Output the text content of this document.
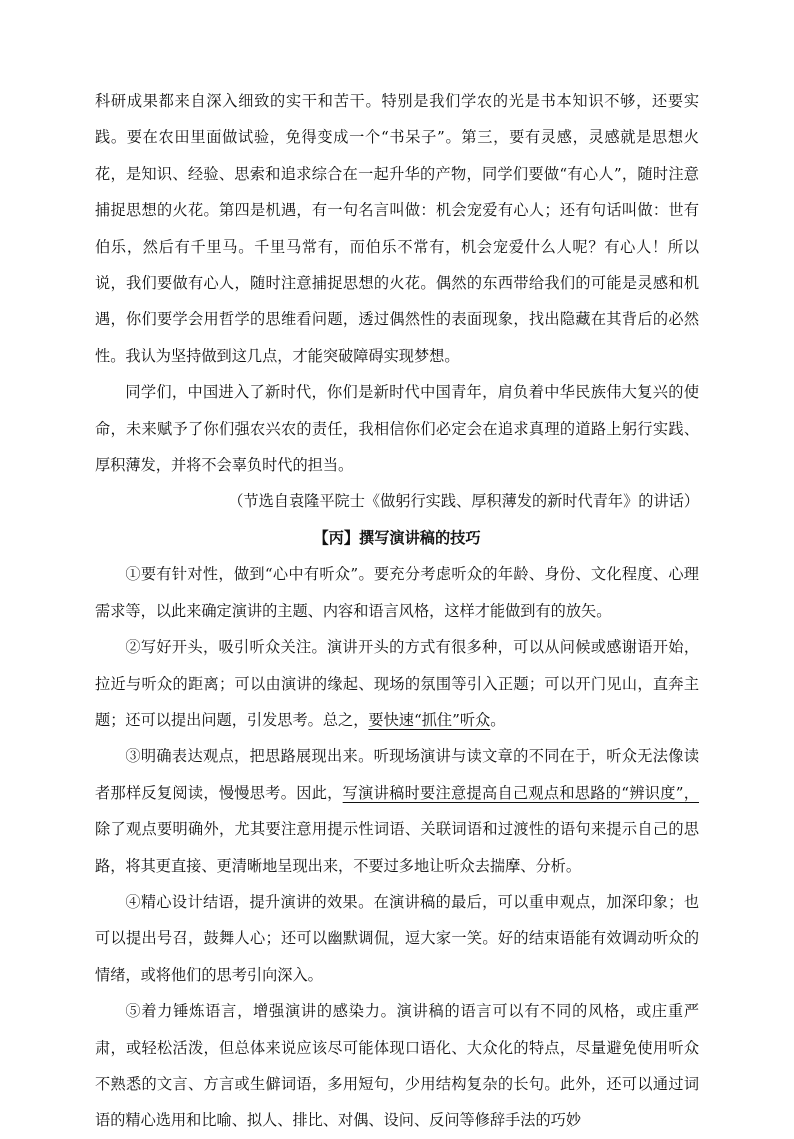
科研成果都来自深入细致的实干和苦干。特别是我们学农的光是书本知识不够，还要实践。要在农田里面做试验，免得变成一个“书呆子”。第三，要有灵感，灵感就是思想火花，是知识、经验、思索和追求综合在一起升华的产物，同学们要做“有心人”，随时注意捕捉思想的火花。第四是机遇，有一句名言叫做：机会宠爱有心人；还有句话叫做：世有伯乐，然后有千里马。千里马常有，而伯乐不常有，机会宠爱什么人呢？有心人！所以说，我们要做有心人，随时注意捕捉思想的火花。偶然的东西带给我们的可能是灵感和机遇，你们要学会用哲学的思维看问题，透过偶然性的表面现象，找出隐藏在其背后的必然性。我认为坚持做到这几点，才能突破障碍实现梦想。

同学们，中国进入了新时代，你们是新时代中国青年，肩负着中华民族伟大复兴的使命，未来赋予了你们强农兴农的责任，我相信你们必定会在追求真理的道路上躬行实践、厚积薄发，并将不会辜负时代的担当。

（节选自袁隆平院士《做躬行实践、厚积薄发的新时代青年》的讲话）

【丙】撰写演讲稿的技巧

①要有针对性，做到“心中有听众”。要充分考虑听众的年龄、身份、文化程度、心理需求等，以此来确定演讲的主题、内容和语言风格，这样才能做到有的放矢。

②写好开头，吸引听众关注。演讲开头的方式有很多种，可以从问候或感谢语开始，拉近与听众的距离；可以由演讲的缘起、现场的氛围等引入正题；可以开门见山，直奔主题；还可以提出问题，引发思考。总之，要快速“抓住”听众。

③明确表达观点，把思路展现出来。听现场演讲与读文章的不同在于，听众无法像读者那样反复阅读，慢慢思考。因此，写演讲稿时要注意提高自己观点和思路的“辨识度”，除了观点要明确外，尤其要注意用提示性词语、关联词语和过渡性的语句来提示自己的思路，将其更直接、更清晰地呈现出来，不要过多地让听众去揣摩、分析。

④精心设计结语，提升演讲的效果。在演讲稿的最后，可以重申观点，加深印象；也可以提出号召，鼓舞人心；还可以幽默调侃，逗大家一笑。好的结束语能有效调动听众的情绪，或将他们的思考引向深入。

⑤着力锤炼语言，增强演讲的感染力。演讲稿的语言可以有不同的风格，或庄重严肃，或轻松活泼，但总体来说应该尽可能体现口语化、大众化的特点，尽量避免使用听众不熟悉的文言、方言或生僻词语，多用短句，少用结构复杂的长句。此外，还可以通过词语的精心选用和比喻、拟人、排比、对偶、设问、反问等修辞手法的巧妙
